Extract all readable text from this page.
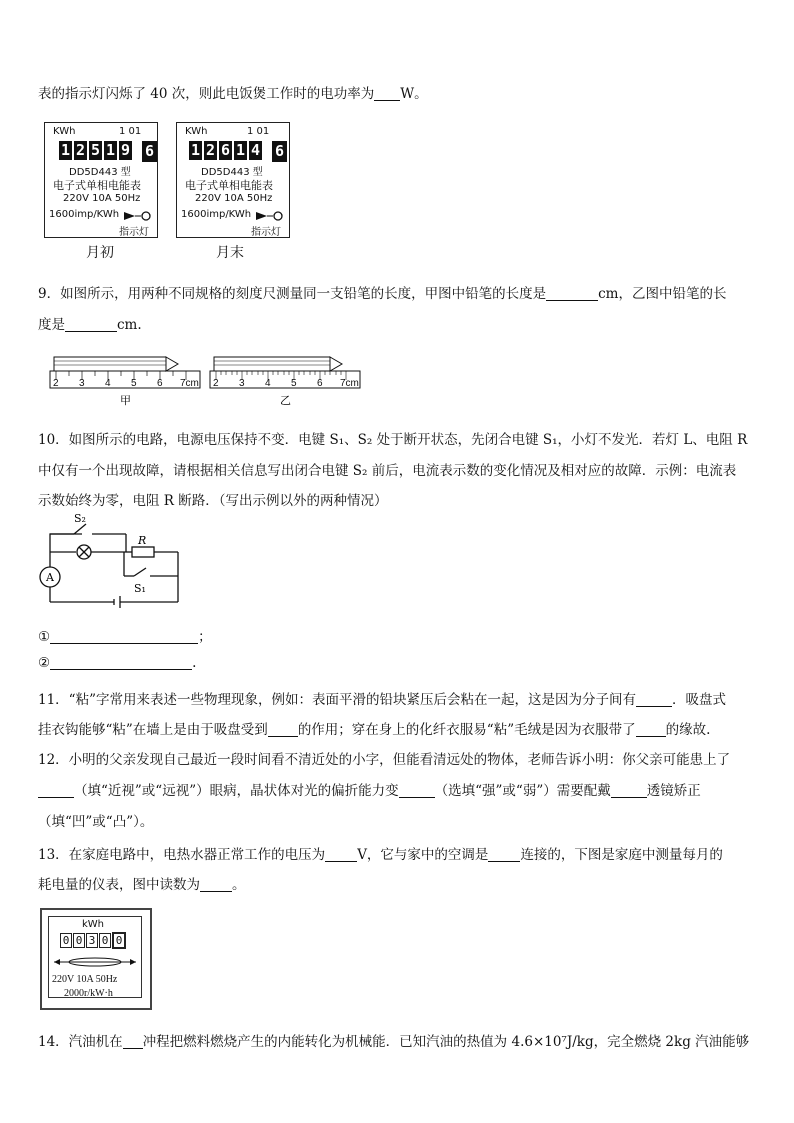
表的指示灯闪烁了 40 次，则此电饭煲工作时的电功率为 W。
KWh	1 01
1 2 5 1 9 6
DD5D443 型
电子式单相电能表
220V 10A 50Hz
1600imp/KWh
指示灯
月初
KWh	1 01
1 2 6 1 4 6
DD5D443 型
电子式单相电能表
220V 10A 50Hz
1600imp/KWh
指示灯
月末
9．如图所示，用两种不同规格的刻度尺测量同一支铅笔的长度，甲图中铅笔的长度是	cm，乙图中铅笔的长
度是	cm.
2 3 4 5 6 7cm
甲
2 3 4 5 6 7cm
乙
10．如图所示的电路，电源电压保持不变．电键 S₁、S₂ 处于断开状态，先闭合电键 S₁，小灯不发光．若灯 L、电阻 R
中仅有一个出现故障，请根据相关信息写出闭合电键 S₂ 前后，电流表示数的变化情况及相对应的故障．示例：电流表
示数始终为零，电阻 R 断路．（写出示例以外的两种情况）
S₂
R
S₁
A
①	；
②	.
11．“粘”字常用来表述一些物理现象，例如：表面平滑的铅块紧压后会粘在一起，这是因为分子间有	．吸盘式
挂衣钩能够“粘”在墙上是由于吸盘受到 的作用；穿在身上的化纤衣服易“粘”毛绒是因为衣服带了 的缘故.
12．小明的父亲发现自己最近一段时间看不清近处的小字，但能看清远处的物体，老师告诉小明：你父亲可能患上了
（填“近视”或“远视”）眼病，晶状体对光的偏折能力变	（选填“强”或“弱”）需要配戴	透镜矫正
（填“凹”或“凸”）。
13．在家庭电路中，电热水器正常工作的电压为 V，它与家中的空调是 连接的，下图是家庭中测量每月的
耗电量的仪表，图中读数为 。
kWh
0 0 3 0 0
220V 10A 50Hz
2000r/kW·h
14．汽油机在 冲程把燃料燃烧产生的内能转化为机械能．已知汽油的热值为 4.6×10⁷J/kg，完全燃烧 2kg 汽油能够
